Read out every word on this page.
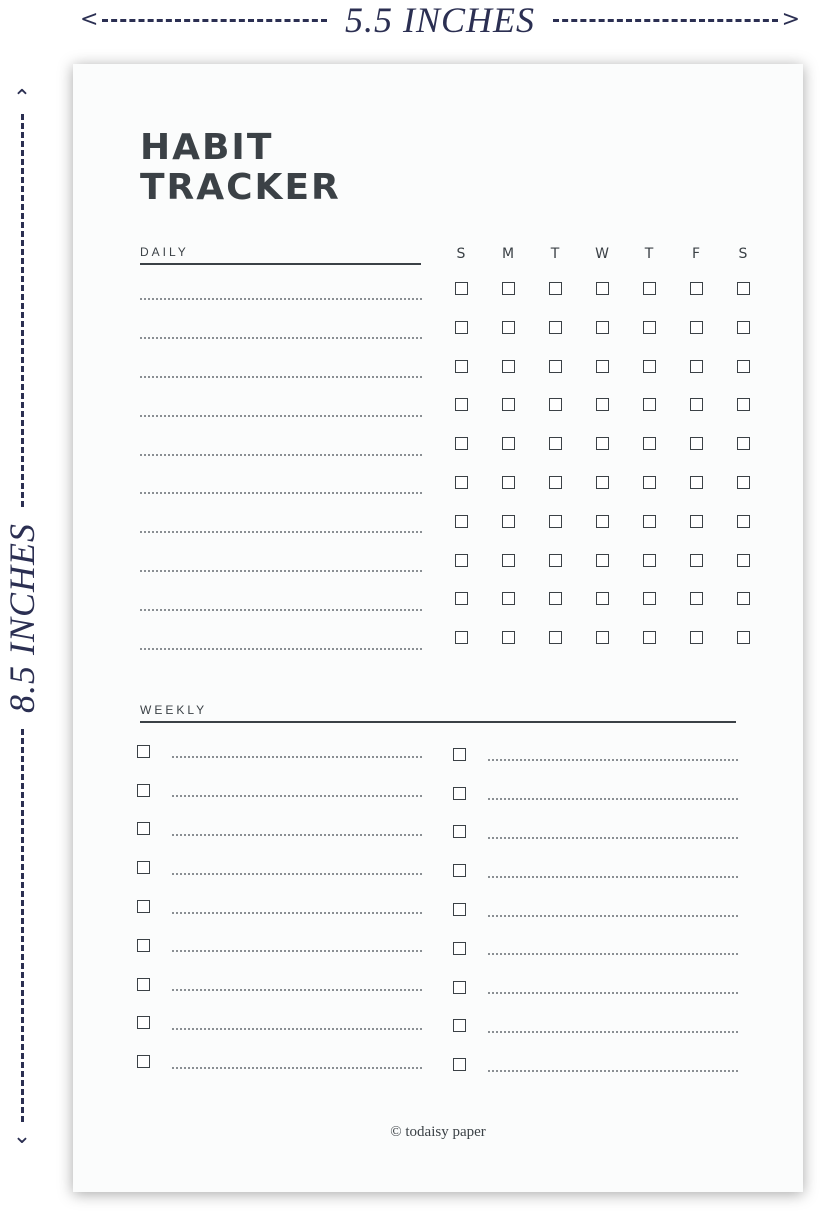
<	5.5 INCHES	>
⌃
8.5 INCHES
⌄
HABIT
TRACKER
DAILY	S	M	T	W	T	F	S
WEEKLY
© todaisy paper
